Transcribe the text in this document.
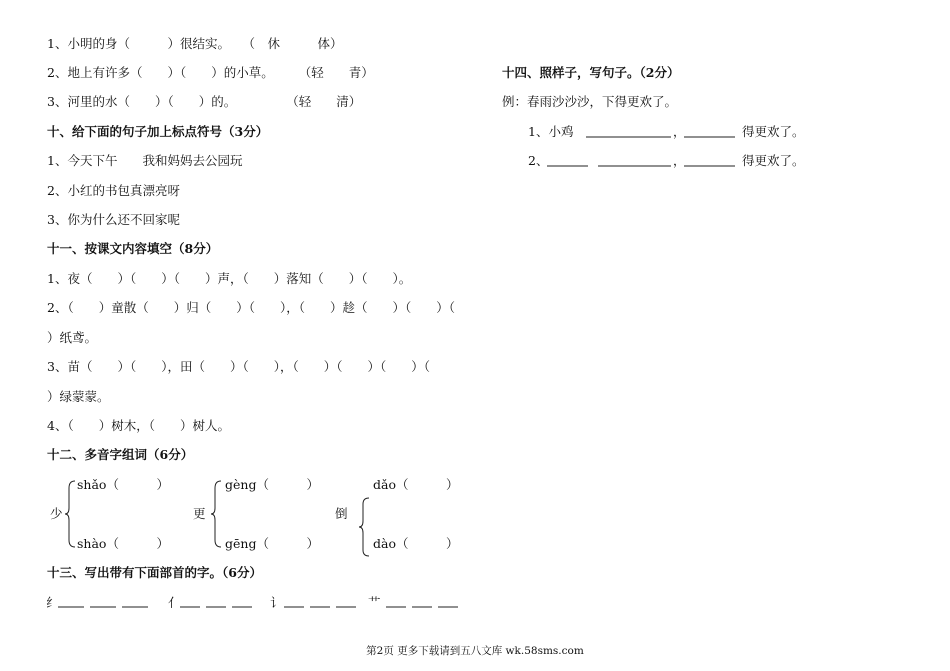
1、小明的身（　　　）很结实。　　（　休　　　体）
2、地上有许多（　　）（　　）的小草。　　　（轻　　青）
3、河里的水（　　）（　　）的。　　　　　（轻　　清）
十、给下面的句子加上标点符号（3分）
1、今天下午　　我和妈妈去公园玩
2、小红的书包真漂亮呀
3、你为什么还不回家呢
十一、按课文内容填空（8分）
1、夜（　　）（　　）（　　）声，（　　）落知（　　）（　　）。
2、（　　）童散（　　）归（　　）（　　），（　　）趁（　　）（　　）（
）纸鸢。
3、苗（　　）（　　），田（　　）（　　），（　　）（　　）（　　）（
）绿蒙蒙。
4、（　　）树木，（　　）树人。
十二、多音字组词（6分）
少
shǎo（　　　）
shào（　　　）
更
gèng（　　　）
gēng（　　　）
倒
dǎo（　　　）
dào（　　　）
十三、写出带有下面部首的字。（6分）
纟	亻	讠	艹
十四、照样子，写句子。（2分）
例：春雨沙沙沙，下得更欢了。
1、小鸡	，	得更欢了。
2、	，	得更欢了。
第2页 更多下载请到五八文库 wk.58sms.com
